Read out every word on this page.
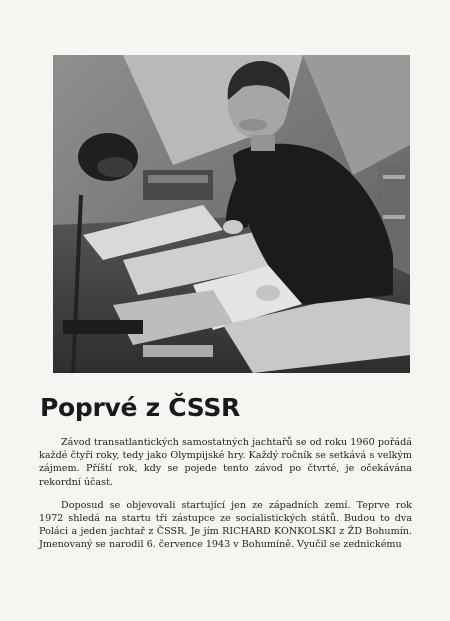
Poprvé z ČSSR

Závod transatlantických samostatných jachtařů se od roku 1960 pořádá každé čtyři roky, tedy jako Olympijské hry. Každý ročník se setkává s velkým zájmem. Příští rok, kdy se pojede tento závod po čtvrté, je očekávána rekordní účast.

Doposud se objevovali startující jen ze západních zemí. Teprve rok 1972 shledá na startu tři zástupce ze socialistických států. Budou to dva Poláci a jeden jachtař z ČSSR. Je jím RICHARD KONKOLSKI z ŽD Bohumín. Jmenovaný se narodil 6. července 1943 v Bohumíně. Vyučil se zednickému
